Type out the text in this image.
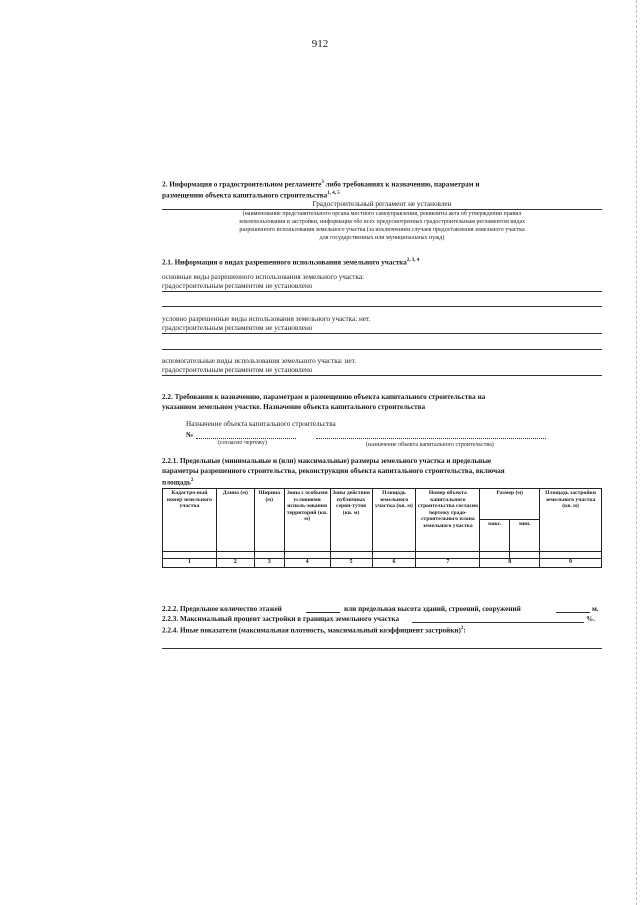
912
2. Информация о градостроительном регламенте$^3$ либо требованиях к назначению, параметрам и
размещению объекта капитального строительства$^{1, 4, 5}$
Градостроительный регламент не установлен
(наименование представительного органа местного самоуправления, реквизиты акта об утверждении правил
землепользования и застройки, информация обо всех предусмотренных градостроительным регламентом видах
разрешенного использования земельного участка (за исключением случаев предоставления земельного участка
для государственных или муниципальных нужд)
2.1. Информация о видах разрешенного использования земельного участка$^{2, 3, 4}$
основные виды разрешенного использования земельного участка:
градостроительным регламентом не установлено
условно разрешенные виды использования земельного участка: нет.
градостроительным регламентом не установлено
вспомогательные виды использования земельного участка: нет.
градостроительным регламентом не установлено
2.2. Требования к назначению, параметрам и размещению объекта капитального строительства на
указанном земельном участке. Назначение объекта капитального строительства
Назначение объекта капитального строительства
№
(согласно чертежу)	(назначение объекта капитального строительства)
2.2.1. Предельные (минимальные и (или) максимальные) размеры земельного участка и предельные
параметры разрешенного строительства, реконструкции объекта капитального строительства, включая
площадь$^2$
Кадастро-вый номер земельного участка	Длина (м)	Ширина (м)	Зоны с особыми условиями исполь-зования территорий (кв. м)	Зоны действия публичных серви-тутов (кв. м)	Площадь земельного участка (кв. м)	Номер объекта капитального строительства согласно чертежу градо-строительного плана земельного участка	Размер (м)		Площадь застройки земельного участка (кв. м)
							макс.	мин.	

1	2	3	4	5	6	7	8		9
2.2.2. Предельное количество этажей	или предельная высота зданий, строений, сооружений	м.
2.2.3. Максимальный процент застройки в границах земельного участка	%.
2.2.4. Иные показатели (максимальная плотность, максимальный коэффициент застройки)$^2$:
